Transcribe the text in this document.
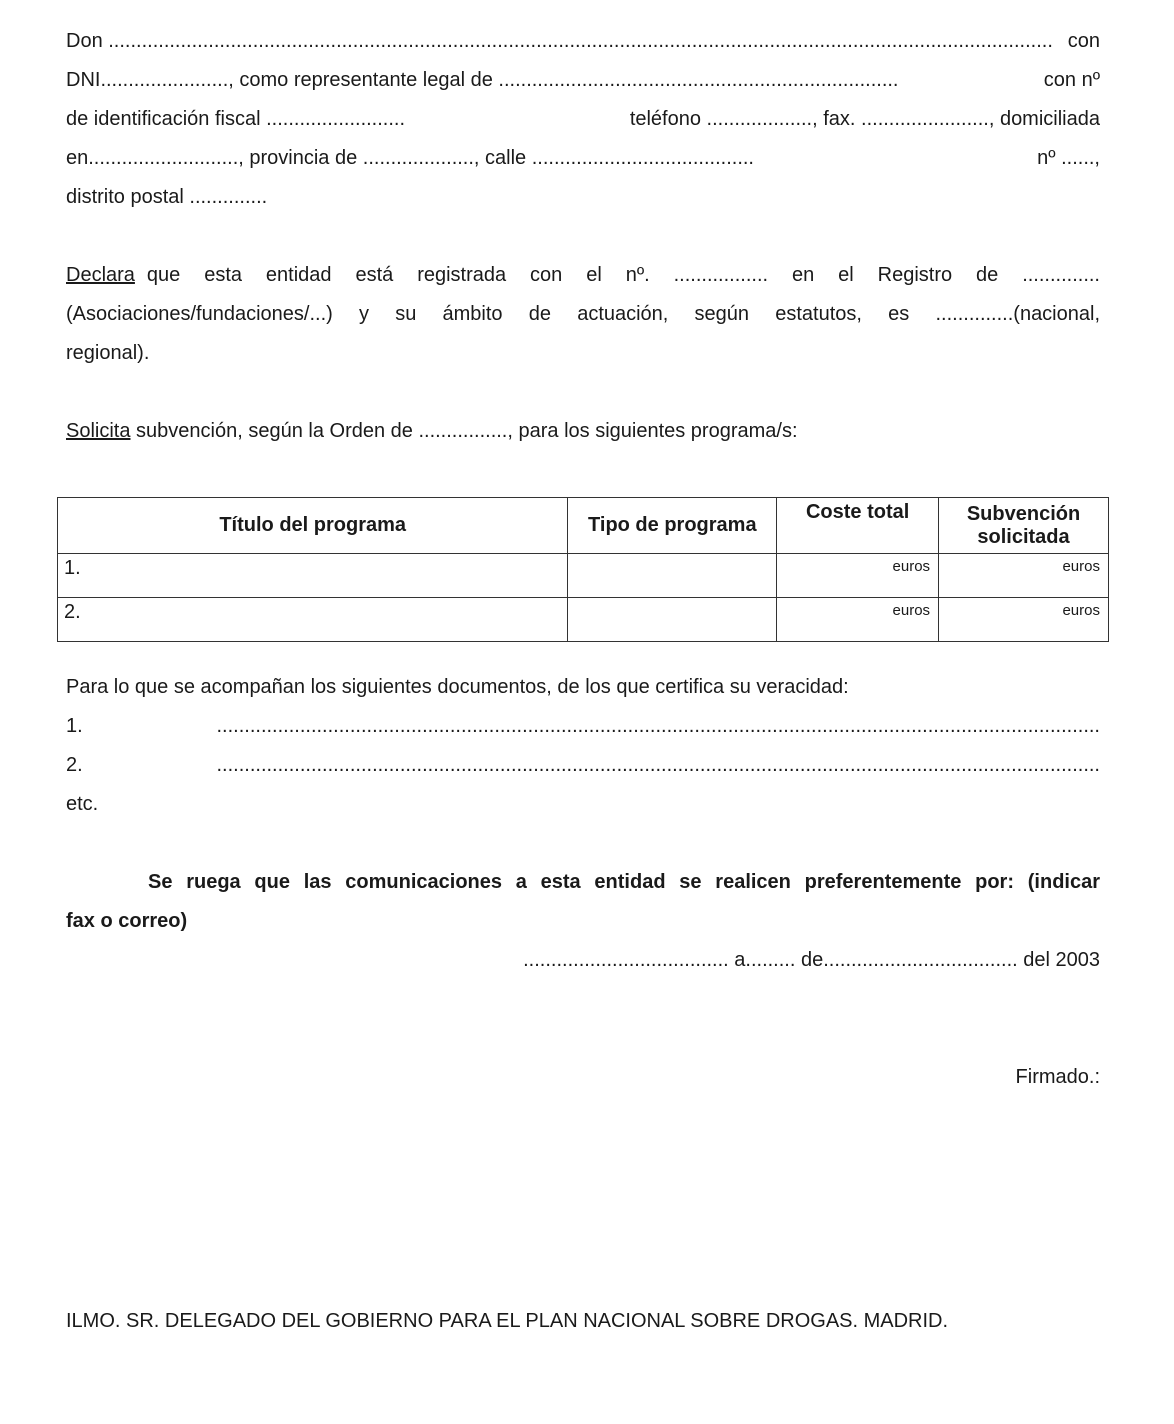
Don .......................................................................................................................................................................... con
DNI......................., como representante legal de ........................................................................	con nº
de identificación fiscal .........................	teléfono ..................., fax. ......................., domiciliada
en..........................., provincia de ...................., calle ........................................	nº ......,
distrito postal ..............
Declara que esta entidad está registrada con el nº. ................. en el Registro de ..............
(Asociaciones/fundaciones/...) y su ámbito de actuación, según estatutos, es ..............(nacional,
regional).
Solicita subvención, según la Orden de ................, para los siguientes programa/s:
Título del programa	Tipo de programa	Coste total	Subvención solicitada
1.		euros	euros
2.		euros	euros
Para lo que se acompañan los siguientes documentos, de los que certifica su veracidad:
1.	...............................................................................................................................................................
2.	...............................................................................................................................................................
etc.
Se ruega que las comunicaciones a esta entidad se realicen preferentemente por: (indicar
fax o correo)
..................................... a......... de................................... del 2003
Firmado.:
ILMO. SR. DELEGADO DEL GOBIERNO PARA EL PLAN NACIONAL SOBRE DROGAS. MADRID.
